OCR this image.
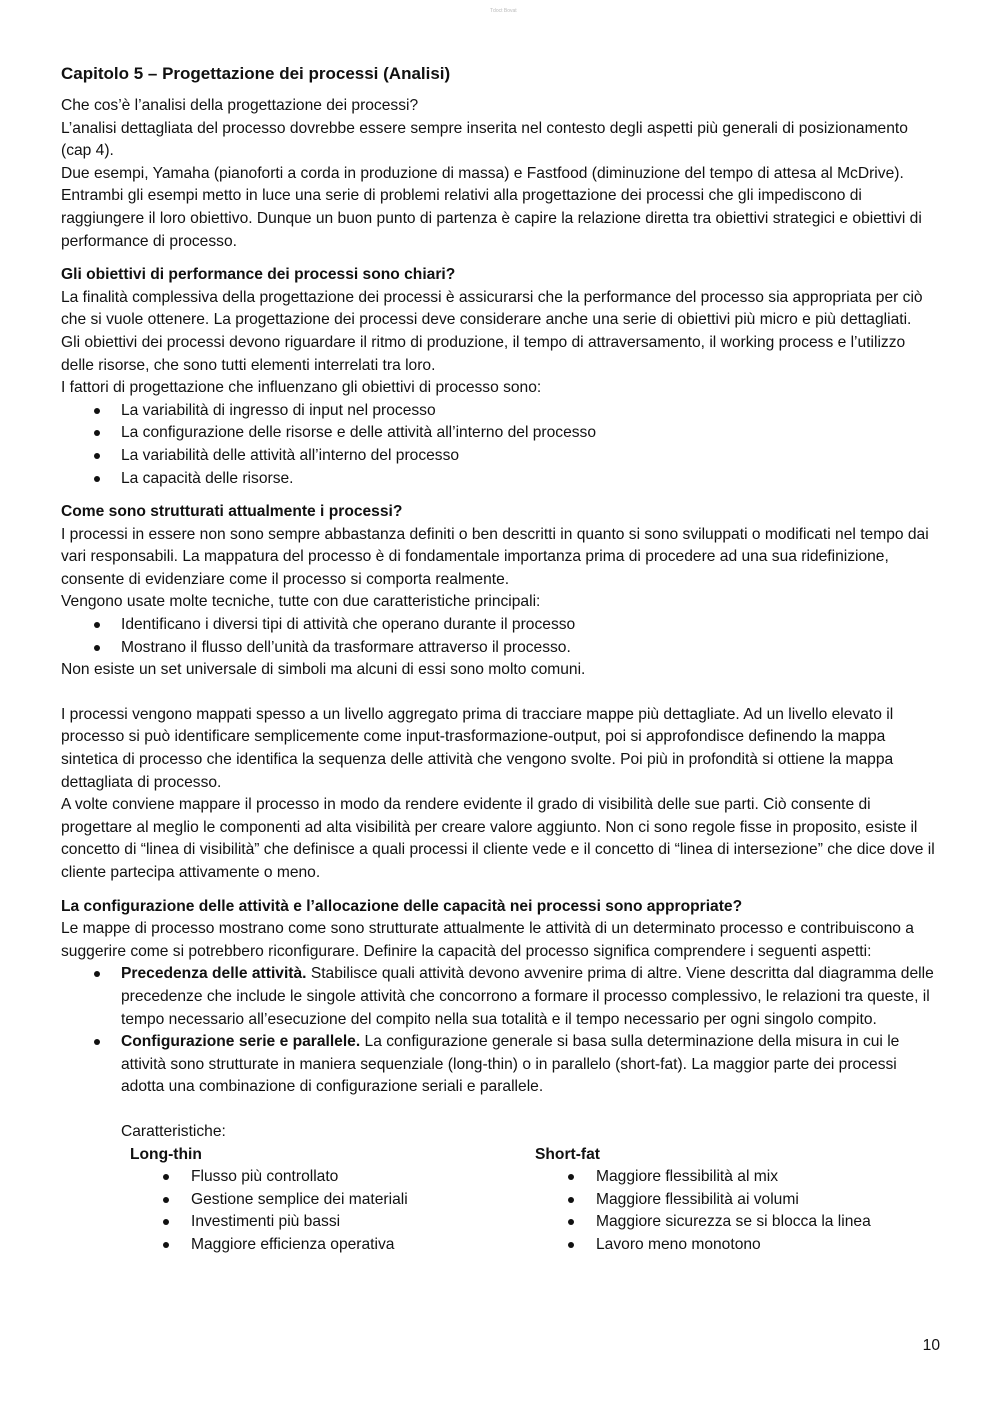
Tdoct Bovat
Capitolo 5 – Progettazione dei processi (Analisi)

Che cos’è l’analisi della progettazione dei processi?

L’analisi dettagliata del processo dovrebbe essere sempre inserita nel contesto degli aspetti più generali di posizionamento (cap 4).

Due esempi, Yamaha (pianoforti a corda in produzione di massa) e Fastfood (diminuzione del tempo di attesa al McDrive). Entrambi gli esempi metto in luce una serie di problemi relativi alla progettazione dei processi che gli impediscono di raggiungere il loro obiettivo. Dunque un buon punto di partenza è capire la relazione diretta tra obiettivi strategici e obiettivi di performance di processo.

Gli obiettivi di performance dei processi sono chiari?

La finalità complessiva della progettazione dei processi è assicurarsi che la performance del processo sia appropriata per ciò che si vuole ottenere. La progettazione dei processi deve considerare anche una serie di obiettivi più micro e più dettagliati.

Gli obiettivi dei processi devono riguardare il ritmo di produzione, il tempo di attraversamento, il working process e l’utilizzo delle risorse, che sono tutti elementi interrelati tra loro.

I fattori di progettazione che influenzano gli obiettivi di processo sono:

La variabilità di ingresso di input nel processo
La configurazione delle risorse e delle attività all’interno del processo
La variabilità delle attività all’interno del processo
La capacità delle risorse.
Come sono strutturati attualmente i processi?

I processi in essere non sono sempre abbastanza definiti o ben descritti in quanto si sono sviluppati o modificati nel tempo dai vari responsabili. La mappatura del processo è di fondamentale importanza prima di procedere ad una sua ridefinizione, consente di evidenziare come il processo si comporta realmente.

Vengono usate molte tecniche, tutte con due caratteristiche principali:

Identificano i diversi tipi di attività che operano durante il processo
Mostrano il flusso dell’unità da trasformare attraverso il processo.

Non esiste un set universale di simboli ma alcuni di essi sono molto comuni.

I processi vengono mappati spesso a un livello aggregato prima di tracciare mappe più dettagliate. Ad un livello elevato il processo si può identificare semplicemente come input-trasformazione-output, poi si approfondisce definendo la mappa sintetica di processo che identifica la sequenza delle attività che vengono svolte. Poi più in profondità si ottiene la mappa dettagliata di processo.

A volte conviene mappare il processo in modo da rendere evidente il grado di visibilità delle sue parti. Ciò consente di progettare al meglio le componenti ad alta visibilità per creare valore aggiunto. Non ci sono regole fisse in proposito, esiste il concetto di “linea di visibilità” che definisce a quali processi il cliente vede e il concetto di “linea di intersezione” che dice dove il cliente partecipa attivamente o meno.

La configurazione delle attività e l’allocazione delle capacità nei processi sono appropriate?

Le mappe di processo mostrano come sono strutturate attualmente le attività di un determinato processo e contribuiscono a suggerire come si potrebbero riconfigurare. Definire la capacità del processo significa comprendere i seguenti aspetti:

Precedenza delle attività. Stabilisce quali attività devono avvenire prima di altre. Viene descritta dal diagramma delle precedenze che include le singole attività che concorrono a formare il processo complessivo, le relazioni tra queste, il tempo necessario all’esecuzione del compito nella sua totalità e il tempo necessario per ogni singolo compito.
Configurazione serie e parallele. La configurazione generale si basa sulla determinazione della misura in cui le attività sono strutturate in maniera sequenziale (long-thin) o in parallelo (short-fat). La maggior parte dei processi adotta una combinazione di configurazione seriali e parallele.
Caratteristiche:
Long-thin
Flusso più controllato
Gestione semplice dei materiali
Investimenti più bassi
Maggiore efficienza operativa
Short-fat
Maggiore flessibilità al mix
Maggiore flessibilità ai volumi
Maggiore sicurezza se si blocca la linea
Lavoro meno monotono
10
